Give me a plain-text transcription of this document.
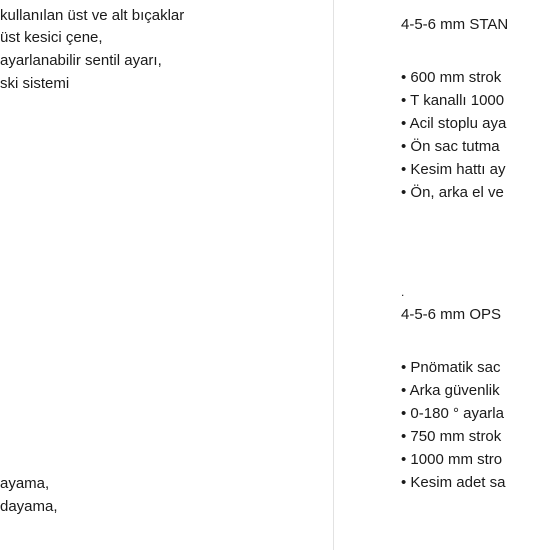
kullanılan üst ve alt bıçaklar
üst kesici çene,
ayarlanabilir sentil ayarı,
ski sistemi
ayama,
dayama,
4-5-6 mm STAN
• 600 mm strok
• T kanallı 1000
• Acil stoplu aya
• Ön sac tutma
• Kesim hattı ay
• Ön, arka el ve
.
4-5-6 mm OPS
• Pnömatik sac
• Arka güvenlik
• 0-180 ° ayarla
• 750 mm strok
• 1000 mm stro
• Kesim adet sa
